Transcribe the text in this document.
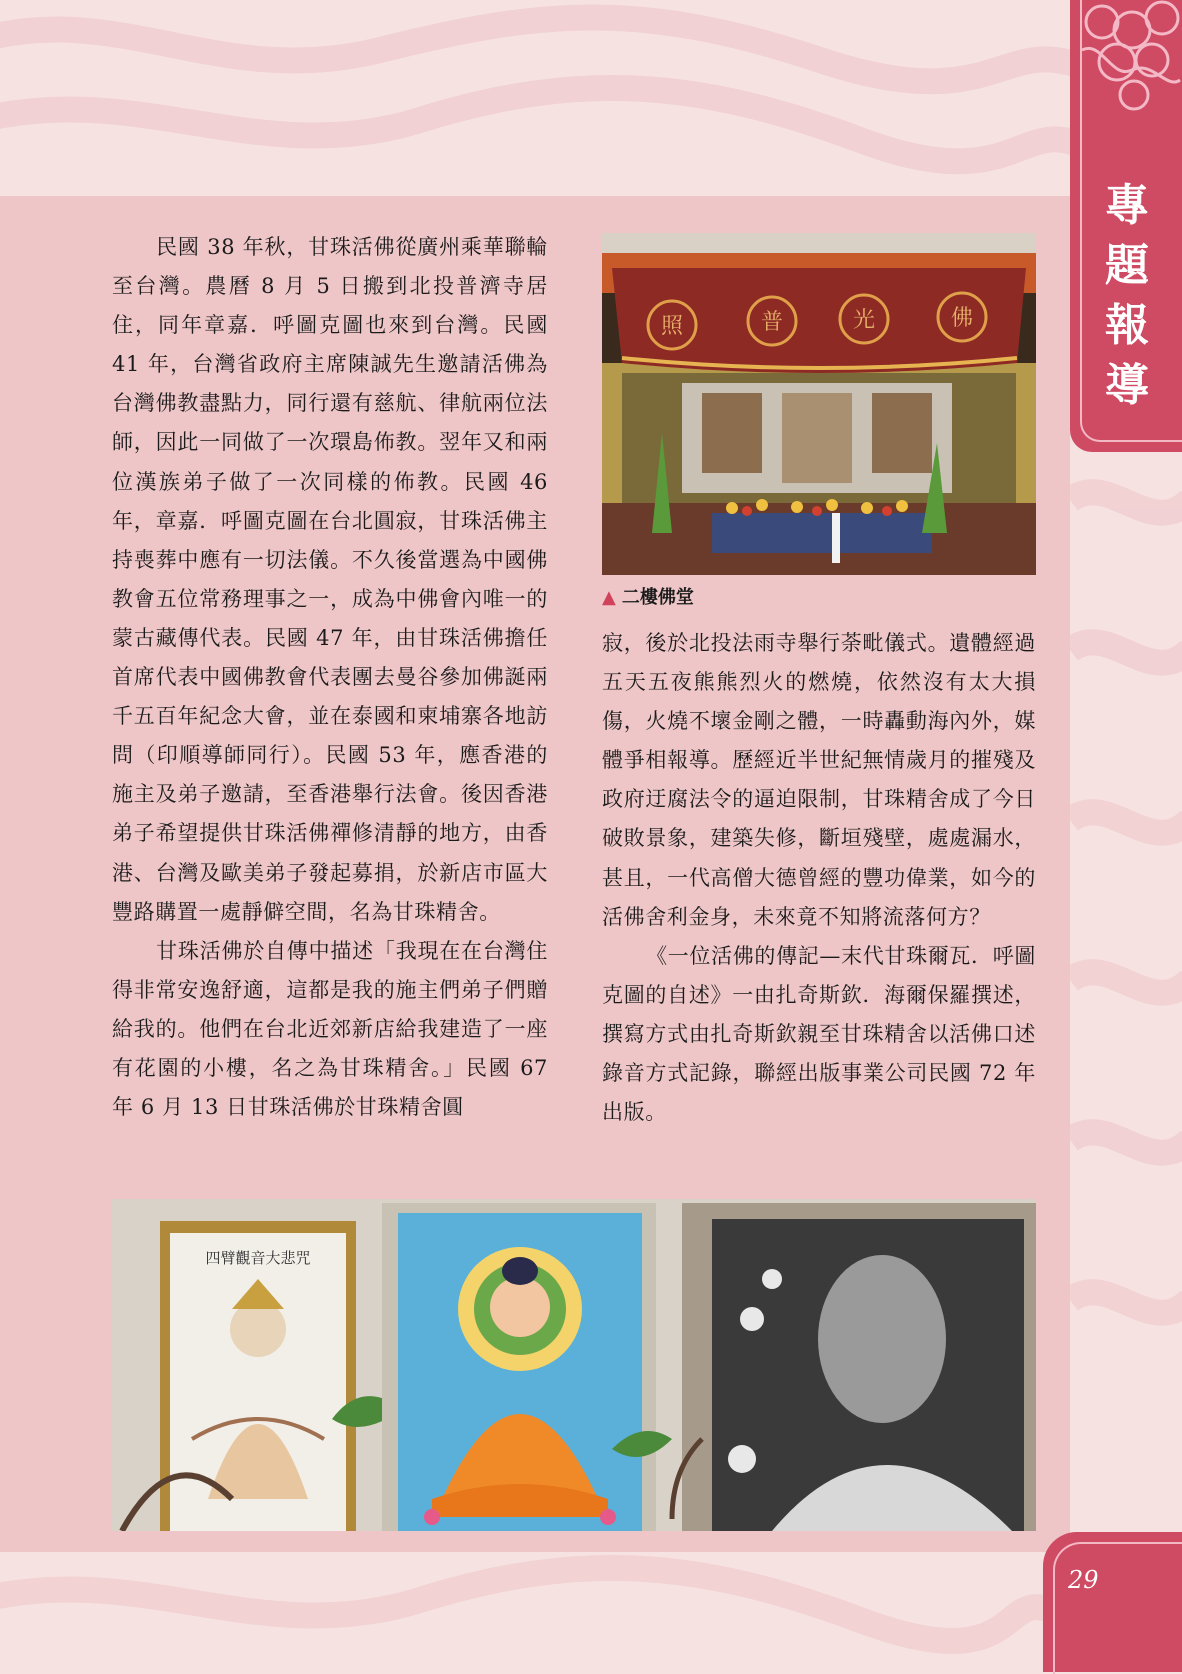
專題報導

民國 38 年秋，甘珠活佛從廣州乘華聯輪至台灣。農曆 8 月 5 日搬到北投普濟寺居住，同年章嘉．呼圖克圖也來到台灣。民國 41 年，台灣省政府主席陳誠先生邀請活佛為台灣佛教盡點力，同行還有慈航、律航兩位法師，因此一同做了一次環島佈教。翌年又和兩位漢族弟子做了一次同樣的佈教。民國 46 年，章嘉．呼圖克圖在台北圓寂，甘珠活佛主持喪葬中應有一切法儀。不久後當選為中國佛教會五位常務理事之一，成為中佛會內唯一的蒙古藏傳代表。民國 47 年，由甘珠活佛擔任首席代表中國佛教會代表團去曼谷參加佛誕兩千五百年紀念大會，並在泰國和柬埔寨各地訪問（印順導師同行）。民國 53 年，應香港的施主及弟子邀請，至香港舉行法會。後因香港弟子希望提供甘珠活佛禪修清靜的地方，由香港、台灣及歐美弟子發起募捐，於新店市區大豐路購置一處靜僻空間，名為甘珠精舍。

甘珠活佛於自傳中描述「我現在在台灣住得非常安逸舒適，這都是我的施主們弟子們贈給我的。他們在台北近郊新店給我建造了一座有花園的小樓，名之為甘珠精舍。」民國 67 年 6 月 13 日甘珠活佛於甘珠精舍圓

照	普	光	佛
▲ 二樓佛堂

寂，後於北投法雨寺舉行荼毗儀式。遺體經過五天五夜熊熊烈火的燃燒，依然沒有太大損傷，火燒不壞金剛之體，一時轟動海內外，媒體爭相報導。歷經近半世紀無情歲月的摧殘及政府迂腐法令的逼迫限制，甘珠精舍成了今日破敗景象，建築失修，斷垣殘壁，處處漏水，甚且，一代高僧大德曾經的豐功偉業，如今的活佛舍利金身，未來竟不知將流落何方？

《一位活佛的傳記—末代甘珠爾瓦．呼圖克圖的自述》一由扎奇斯欽．海爾保羅撰述，撰寫方式由扎奇斯欽親至甘珠精舍以活佛口述錄音方式記錄，聯經出版事業公司民國 72 年出版。

四臂觀音大悲咒
29
